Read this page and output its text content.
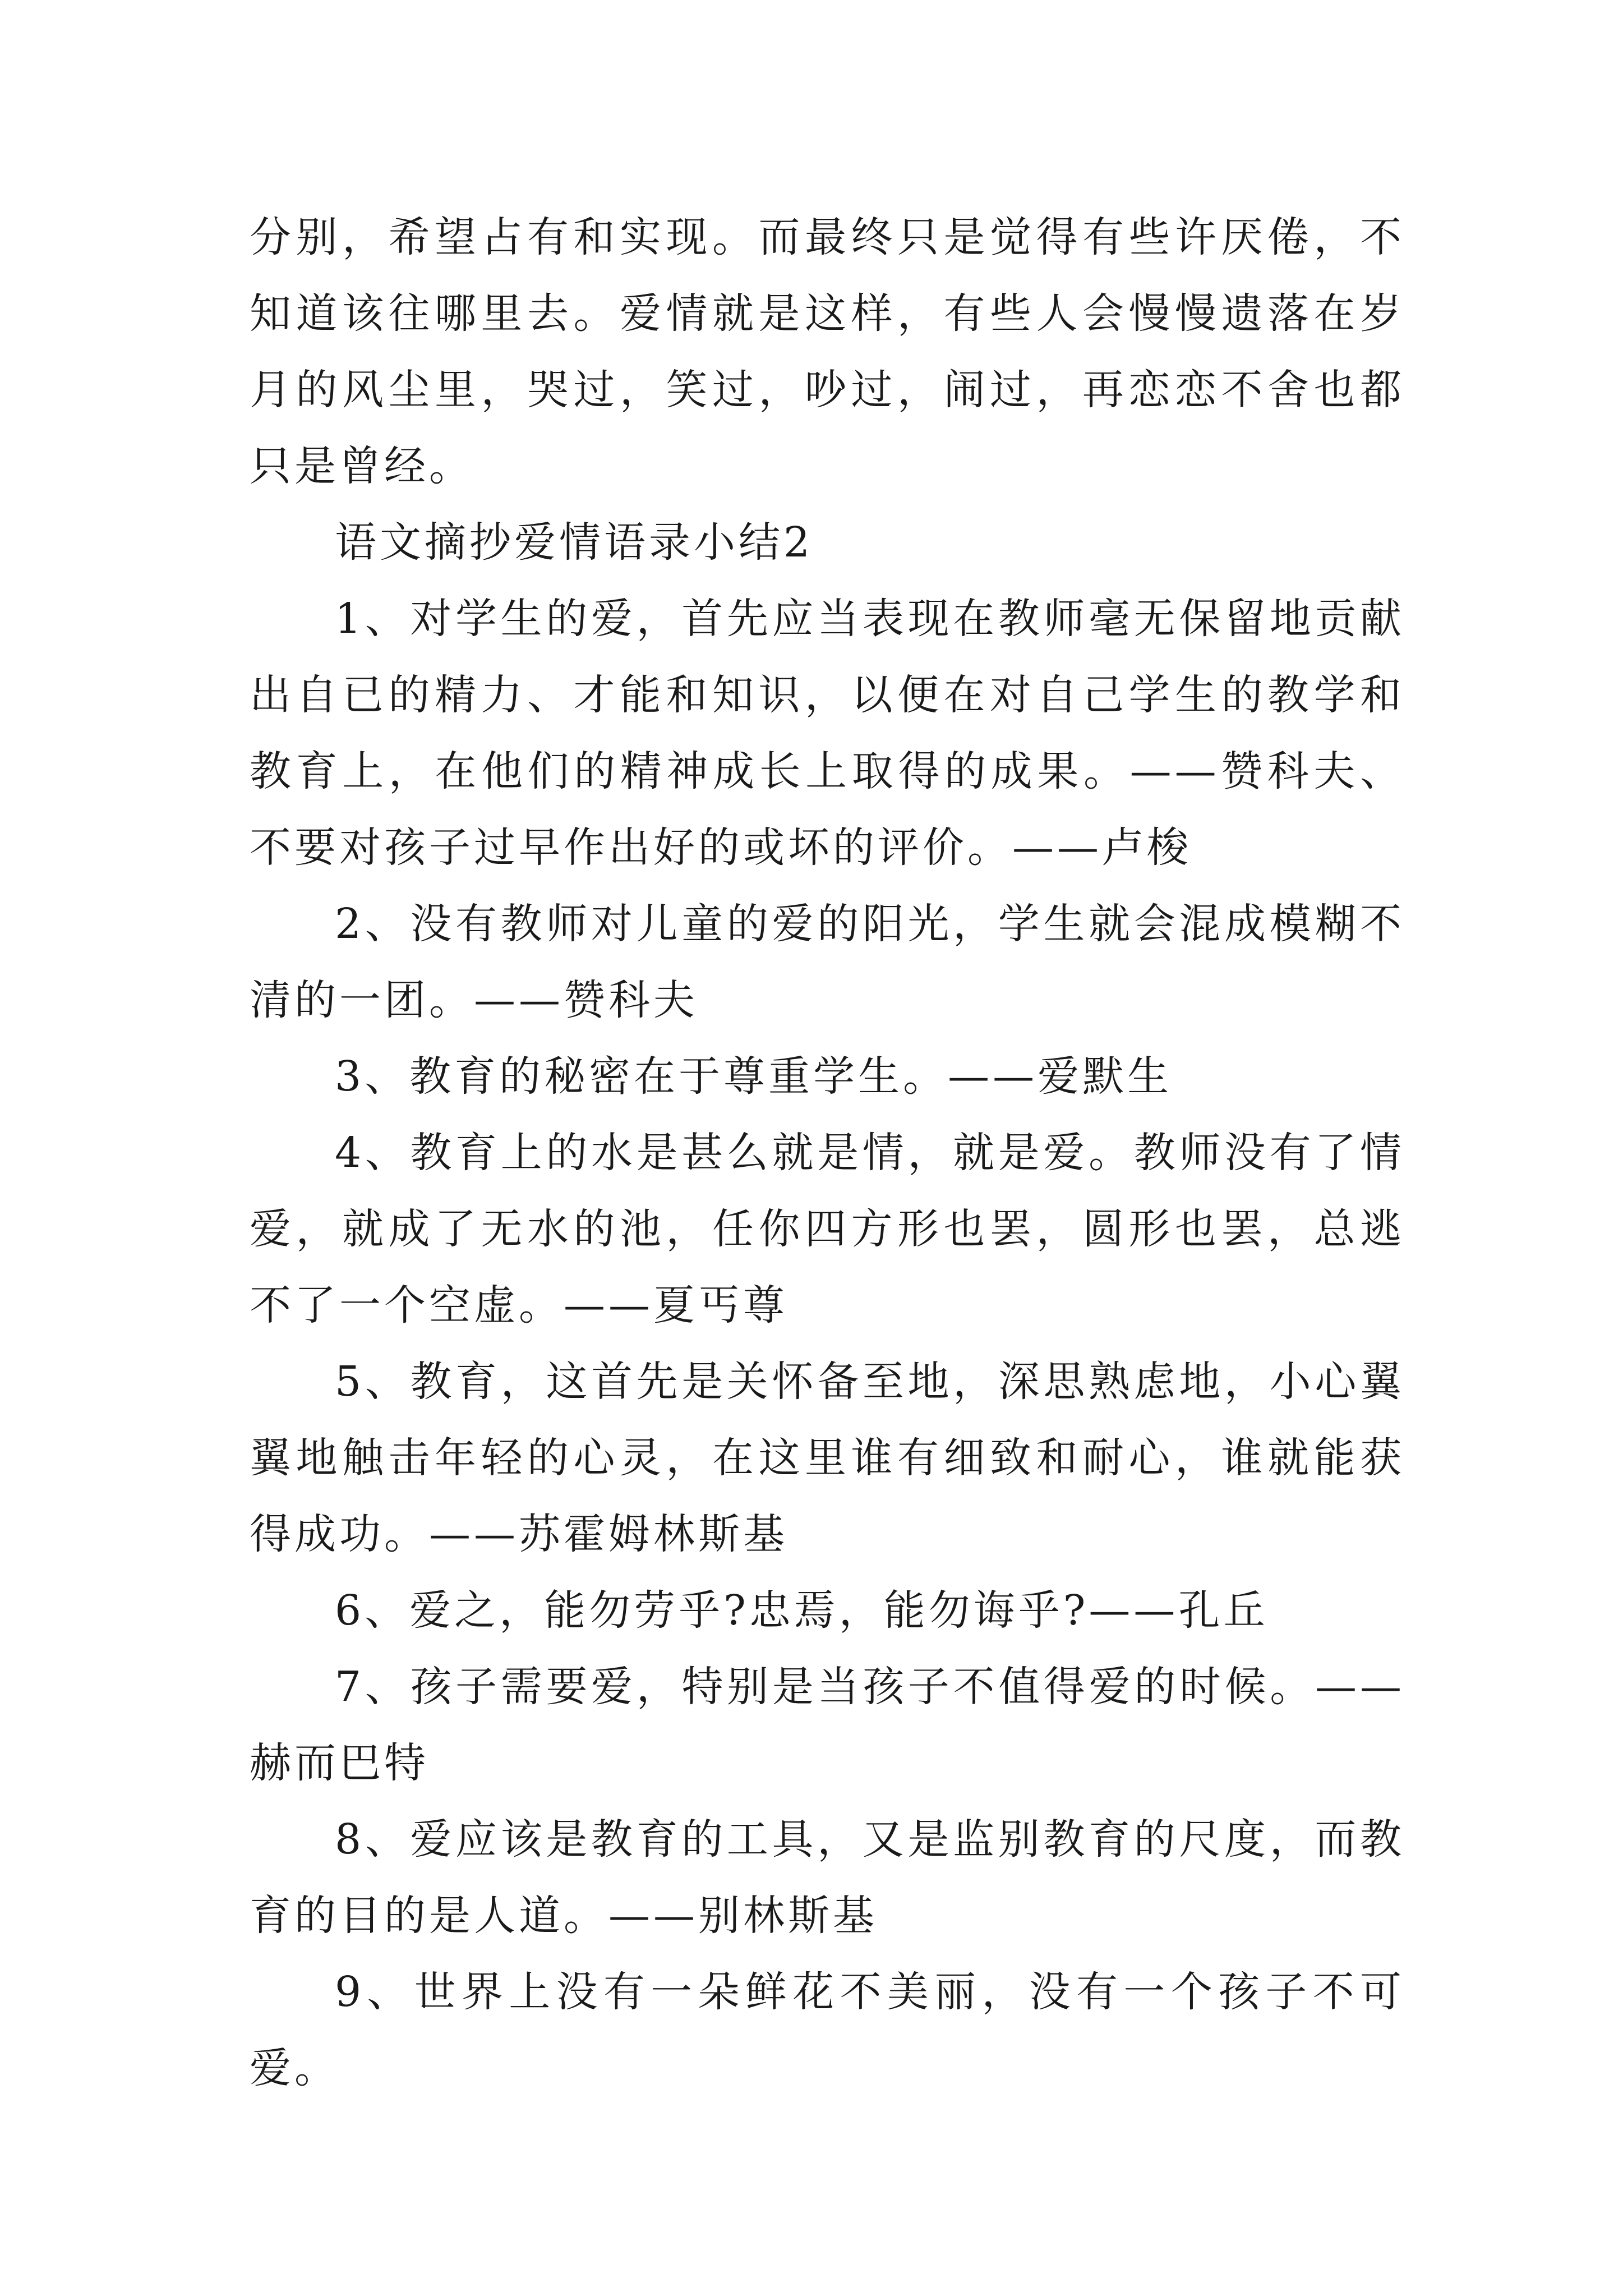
分别，希望占有和实现。而最终只是觉得有些许厌倦，不知道该往哪里去。爱情就是这样，有些人会慢慢遗落在岁月的风尘里，哭过，笑过，吵过，闹过，再恋恋不舍也都只是曾经。

语文摘抄爱情语录小结2

1、对学生的爱，首先应当表现在教师毫无保留地贡献出自已的精力、才能和知识，以便在对自己学生的教学和教育上，在他们的精神成长上取得的成果。——赞科夫、不要对孩子过早作出好的或坏的评价。——卢梭

2、没有教师对儿童的爱的阳光，学生就会混成模糊不清的一团。——赞科夫

3、教育的秘密在于尊重学生。——爱默生

4、教育上的水是甚么就是情，就是爱。教师没有了情爱，就成了无水的池，任你四方形也罢，圆形也罢，总逃不了一个空虚。——夏丐尊

5、教育，这首先是关怀备至地，深思熟虑地，小心翼翼地触击年轻的心灵，在这里谁有细致和耐心，谁就能获得成功。——苏霍姆林斯基

6、爱之，能勿劳乎?忠焉，能勿诲乎?——孔丘

7、孩子需要爱，特别是当孩子不值得爱的时候。——赫而巴特

8、爱应该是教育的工具，又是监别教育的尺度，而教育的目的是人道。——别林斯基

9、世界上没有一朵鲜花不美丽，没有一个孩子不可爱。
